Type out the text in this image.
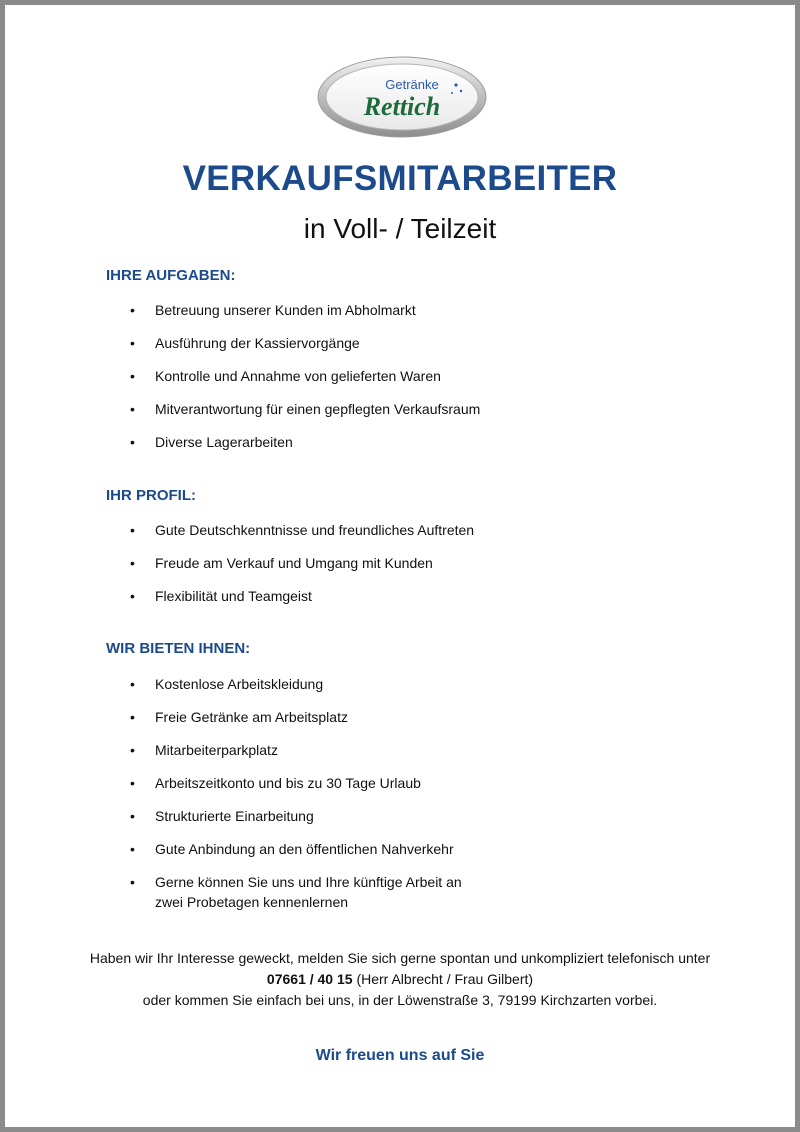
Getränke
Rettich
VERKAUFSMITARBEITER
in Voll- / Teilzeit
IHRE AUFGABEN:
• Betreuung unserer Kunden im Abholmarkt
• Ausführung der Kassiervorgänge
• Kontrolle und Annahme von gelieferten Waren
• Mitverantwortung für einen gepflegten Verkaufsraum
• Diverse Lagerarbeiten
IHR PROFIL:
• Gute Deutschkenntnisse und freundliches Auftreten
• Freude am Verkauf und Umgang mit Kunden
• Flexibilität und Teamgeist
WIR BIETEN IHNEN:
• Kostenlose Arbeitskleidung
• Freie Getränke am Arbeitsplatz
• Mitarbeiterparkplatz
• Arbeitszeitkonto und bis zu 30 Tage Urlaub
• Strukturierte Einarbeitung
• Gute Anbindung an den öffentlichen Nahverkehr
• Gerne können Sie uns und Ihre künftige Arbeit an zwei Probetagen kennenlernen
Haben wir Ihr Interesse geweckt, melden Sie sich gerne spontan und unkompliziert telefonisch unter
07661 / 40 15 (Herr Albrecht / Frau Gilbert)
oder kommen Sie einfach bei uns, in der Löwenstraße 3, 79199 Kirchzarten vorbei.
Wir freuen uns auf Sie
